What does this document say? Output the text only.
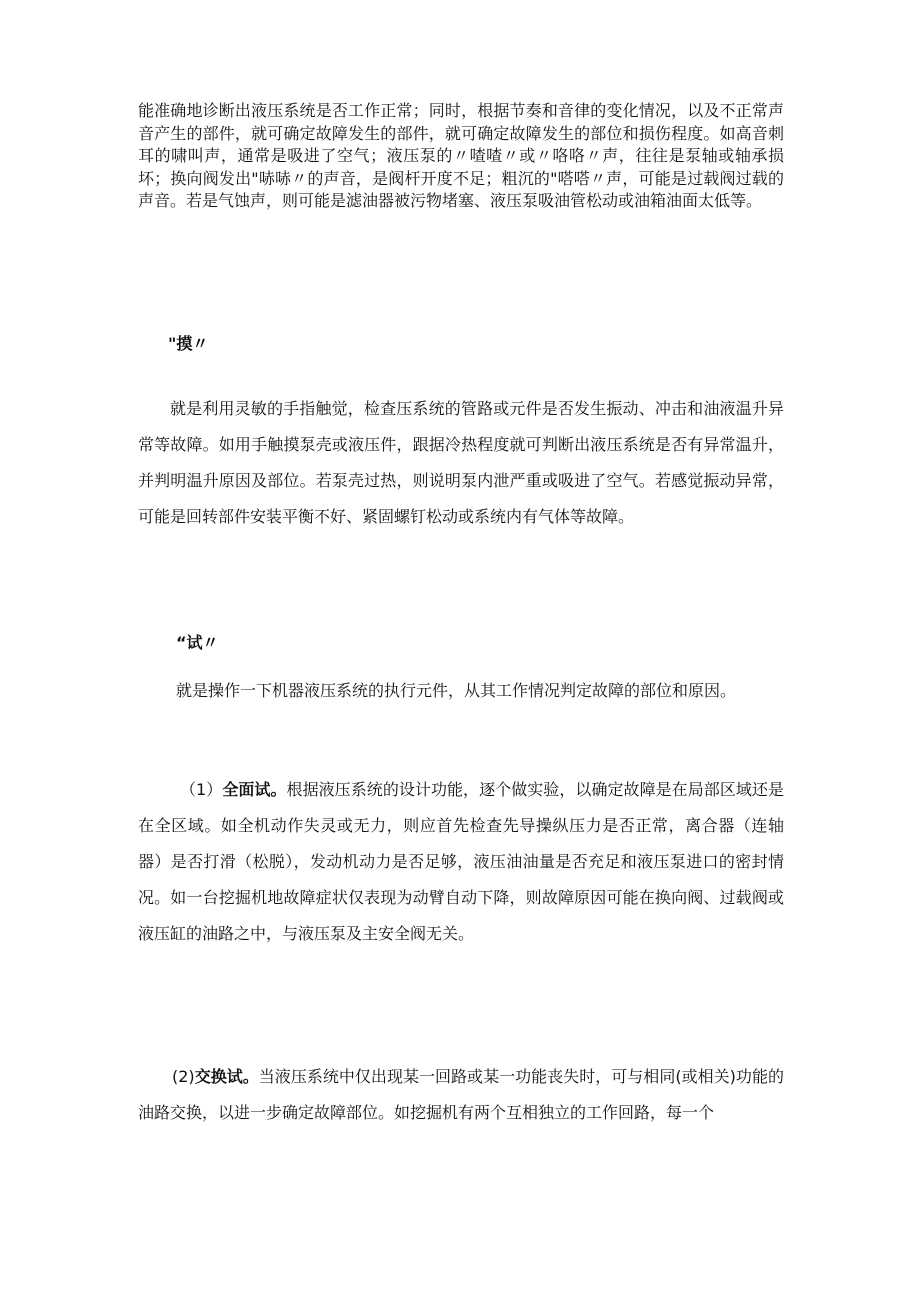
能准确地诊断出液压系统是否工作正常；同时，根据节奏和音律的变化情况，以及不正常声音产生的部件，就可确定故障发生的部件，就可确定故障发生的部位和损伤程度。如高音刺耳的啸叫声，通常是吸进了空气；液压泵的〃喳喳〃或〃咯咯〃声，往往是泵轴或轴承损坏；换向阀发出"哧哧〃的声音，是阀杆开度不足；粗沉的"嗒嗒〃声，可能是过载阀过载的声音。若是气蚀声，则可能是滤油器被污物堵塞、液压泵吸油管松动或油箱油面太低等。

"摸〃

就是利用灵敏的手指触觉，检查压系统的管路或元件是否发生振动、冲击和油液温升异常等故障。如用手触摸泵壳或液压件，跟据冷热程度就可判断出液压系统是否有异常温升，并判明温升原因及部位。若泵壳过热，则说明泵内泄严重或吸进了空气。若感觉振动异常，可能是回转部件安装平衡不好、紧固螺钉松动或系统内有气体等故障。

“试〃

就是操作一下机器液压系统的执行元件，从其工作情况判定故障的部位和原因。

（1）全面试。根据液压系统的设计功能，逐个做实验，以确定故障是在局部区域还是在全区域。如全机动作失灵或无力，则应首先检查先导操纵压力是否正常，离合器（连轴器）是否打滑（松脱），发动机动力是否足够，液压油油量是否充足和液压泵进口的密封情况。如一台挖掘机地故障症状仅表现为动臂自动下降，则故障原因可能在换向阀、过载阀或液压缸的油路之中，与液压泵及主安全阀无关。

(2)交换试。当液压系统中仅出现某一回路或某一功能丧失时，可与相同(或相关)功能的油路交换，以进一步确定故障部位。如挖掘机有两个互相独立的工作回路，每一个
